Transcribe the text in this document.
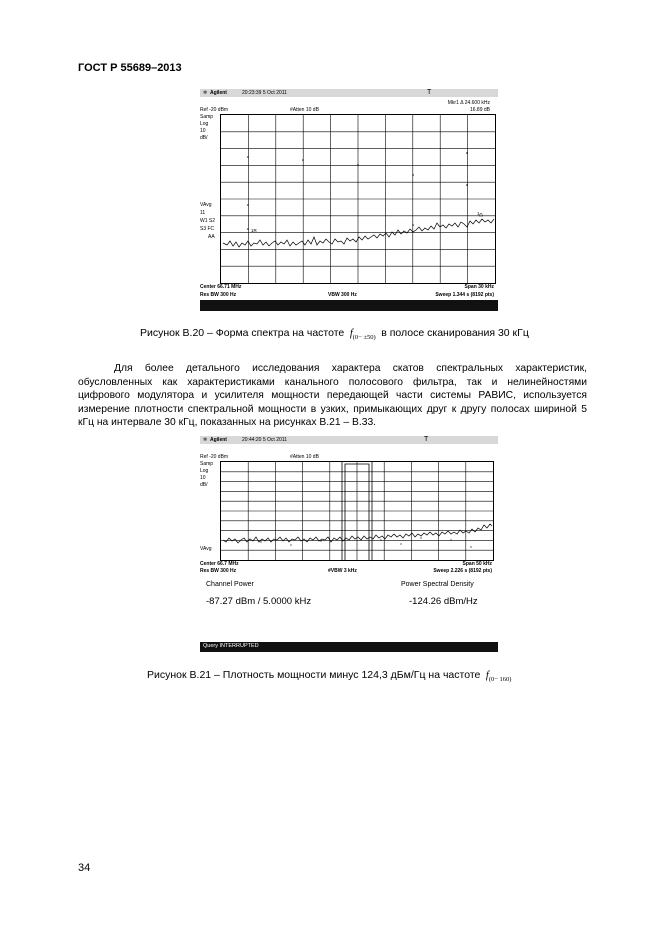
ГОСТ Р 55689–2013
✲ Agilent	20:23:39 5 Oct 2011	T
Mkr1 Δ 24.600 kHz
Ref -20 dBm	#Atten 10 dB	16.89 dB
Samp
Log
10
dB/
VAvg
11
W1 S2
S3 FC
AA
1R
1
Center 66.71 MHz	Span 30 kHz
Res BW 300 Hz	VBW 300 Hz	Sweep 1.344 s (8192 pts)
Рисунок В.20 – Форма спектра на частоте $f_{(0- \pm 50)}$ в полосе сканирования 30 кГц
Для более детального исследования характера скатов спектральных характеристик,
обусловленных как характеристиками канального полосового фильтра, так и нелинейностями
цифрового модулятора и усилителя мощности передающей части системы РАВИС, используется
измерение плотности спектральной мощности в узких, примыкающих друг к другу полосах шириной 5
кГц на интервале 30 кГц, показанных на рисунках В.21 – В.33.
✲ Agilent	20:44:20 5 Oct 2011	T
Ref -20 dBm	#Atten 10 dB
Samp
Log
10
dB/
VAvg
Center 66.7 MHz	Span 50 kHz
Res BW 300 Hz	#VBW 3 kHz	Sweep 2.226 s (8192 pts)
Channel Power	Power Spectral Density
-87.27 dBm / 5.0000 kHz	-124.26 dBm/Hz
Query INTERRUPTED
Рисунок В.21 – Плотность мощности минус 124,3 дБм/Гц на частоте $f_{(0- 160)}$
34
